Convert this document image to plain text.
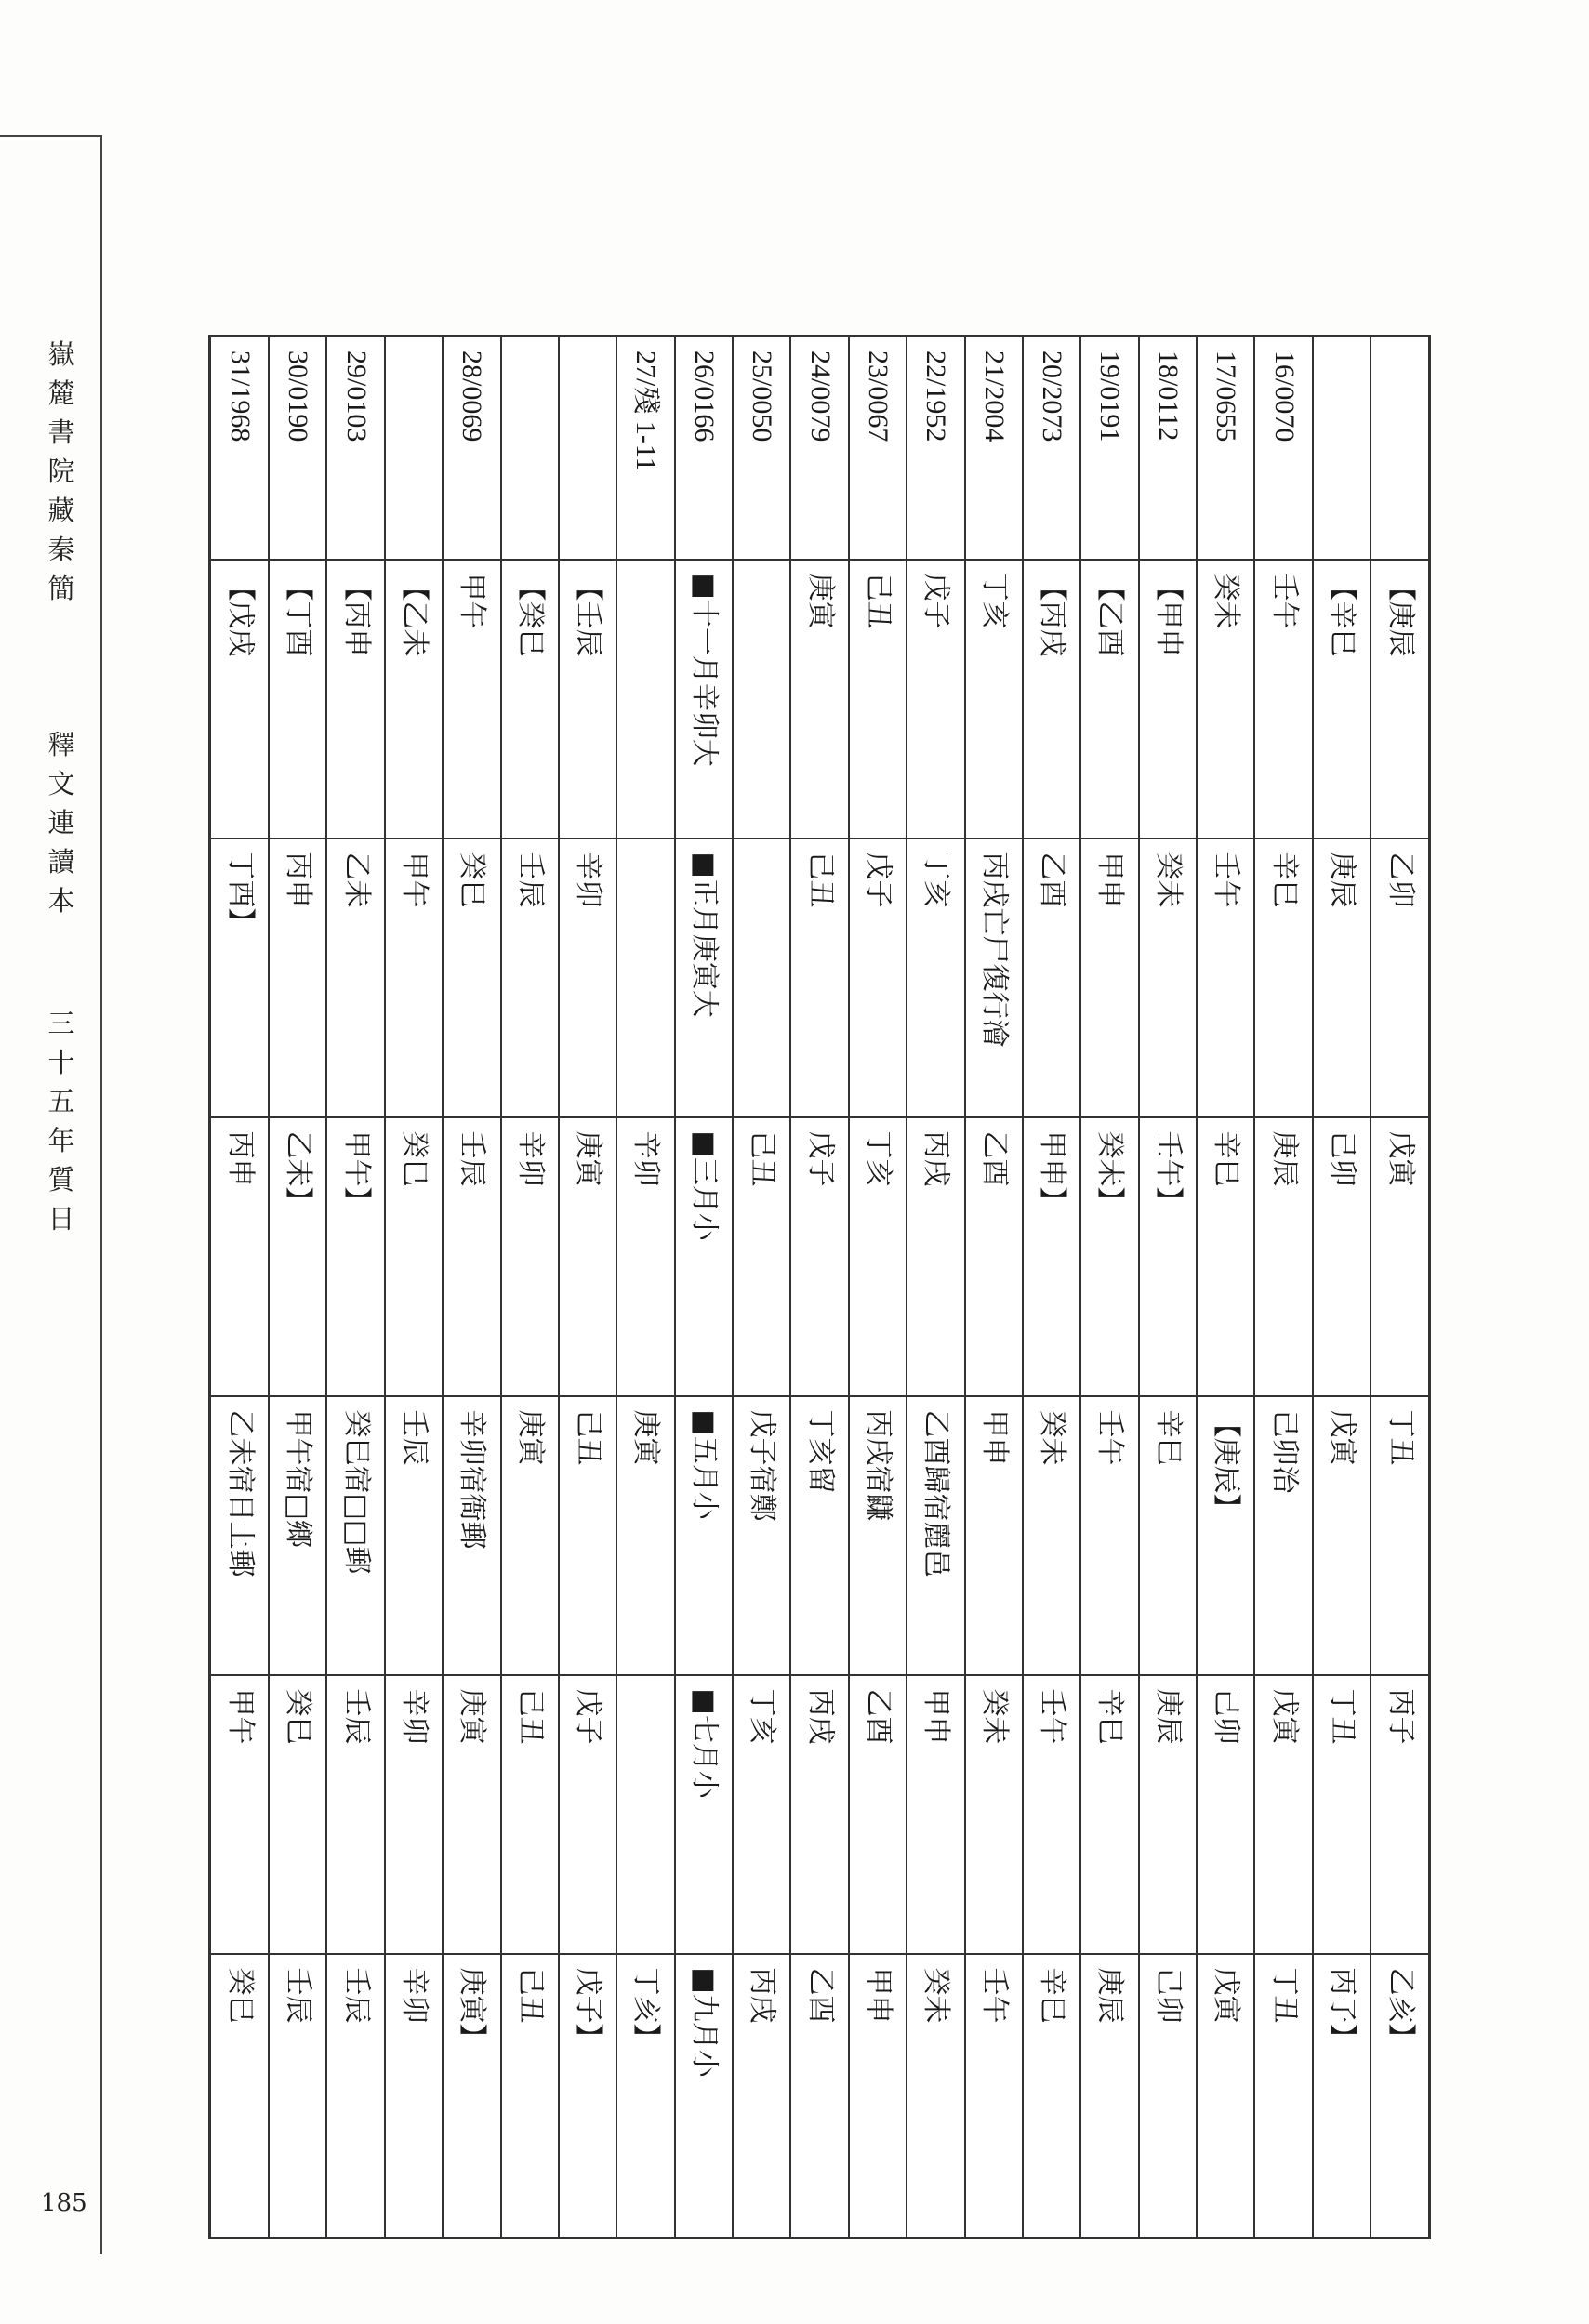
嶽
麓
書
院
藏
秦
簡
釋
文
連
讀
本
三
十
五
年
質
日
185
	【庚辰	乙卯	戊寅	丁丑	丙子	乙亥】
	【辛巳	庚辰	己卯	戊寅	丁丑	丙子】
16/0070	壬午	辛巳	庚辰	己卯治	戊寅	丁丑
17/0655	癸未	壬午	辛巳	【庚辰】	己卯	戊寅
18/0112	【甲申	癸未	壬午】	辛巳	庚辰	己卯
19/0191	【乙酉	甲申	癸未】	壬午	辛巳	庚辰
20/2073	【丙戌	乙酉	甲申】	癸未	壬午	辛巳
21/2004	丁亥	丙戌亡尸復行澮	乙酉	甲申	癸未	壬午
22/1952	戊子	丁亥	丙戌	乙酉歸宿麗邑	甲申	癸未
23/0067	己丑	戊子	丁亥	丙戌宿鼸	乙酉	甲申
24/0079	庚寅	己丑	戊子	丁亥留	丙戌	乙酉
25/0050			己丑	戊子宿鄭	丁亥	丙戌
26/0166	■十一月辛卯大	■正月庚寅大	■三月小	■五月小	■七月小	■九月小
27/殘 1-11			辛卯	庚寅		丁亥】
	【壬辰	辛卯	庚寅	己丑	戊子	戊子】
	【癸巳	壬辰	辛卯	庚寅	己丑	己丑
28/0069	甲午	癸巳	壬辰	辛卯宿衙郵	庚寅	庚寅】
	【乙未	甲午	癸巳	壬辰	辛卯	辛卯
29/0103	【丙申	乙未	甲午】	癸巳宿□□郵	壬辰	壬辰
30/0190	【丁酉	丙申	乙未】	甲午宿□鄉	癸巳	壬辰
31/1968	【戊戌	丁酉】	丙申	乙未宿日土郵	甲午	癸巳
